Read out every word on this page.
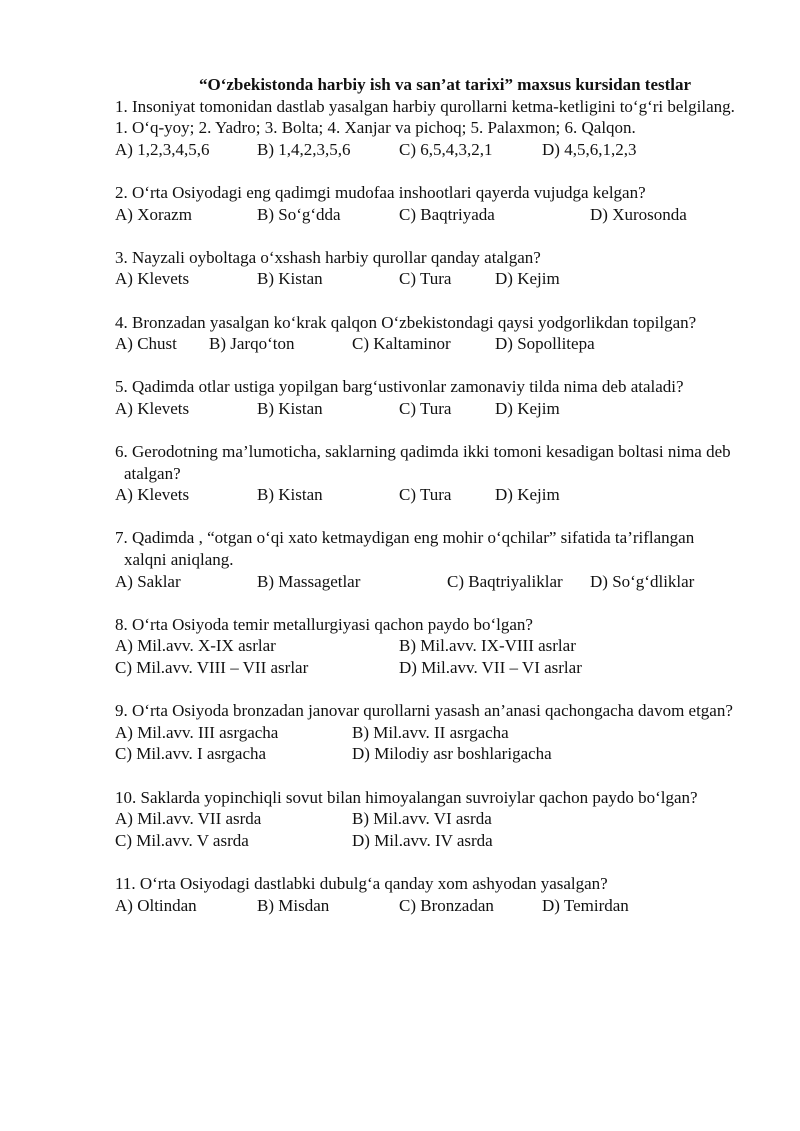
“O‘zbekistonda harbiy ish va san’at tarixi” maxsus kursidan testlar
1. Insoniyat tomonidan dastlab yasalgan harbiy qurollarni ketma-ketligini to‘g‘ri belgilang.
1. O‘q-yoy; 2. Yadro; 3. Bolta; 4. Xanjar va pichoq; 5. Palaxmon; 6. Qalqon.
A) 1,2,3,4,5,6	B) 1,4,2,3,5,6	C) 6,5,4,3,2,1	D) 4,5,6,1,2,3
2. O‘rta Osiyodagi eng qadimgi mudofaa inshootlari qayerda vujudga kelgan?
A) Xorazm	B) So‘g‘dda	C) Baqtriyada	D) Xurosonda
3. Nayzali oyboltaga o‘xshash harbiy qurollar qanday atalgan?
A) Klevets	B) Kistan	C) Tura	D) Kejim
4. Bronzadan yasalgan ko‘krak qalqon O‘zbekistondagi qaysi yodgorlikdan topilgan?
A) Chust B) Jarqo‘ton	C) Kaltaminor	D) Sopollitepa
5. Qadimda otlar ustiga yopilgan barg‘ustivonlar zamonaviy tilda nima deb ataladi?
A) Klevets	B) Kistan	C) Tura	D) Kejim
6. Gerodotning ma’lumoticha, saklarning qadimda ikki tomoni kesadigan boltasi nima deb atalgan?
A) Klevets	B) Kistan	C) Tura	D) Kejim
7. Qadimda , “otgan o‘qi xato ketmaydigan eng mohir o‘qchilar” sifatida ta’riflangan xalqni aniqlang.
A) Saklar	B) Massagetlar	C) Baqtriyaliklar D) So‘g‘dliklar
8. O‘rta Osiyoda temir metallurgiyasi qachon paydo bo‘lgan?
A) Mil.avv. X-IX asrlar	B) Mil.avv. IX-VIII asrlar
C) Mil.avv. VIII – VII asrlar	D) Mil.avv. VII – VI asrlar
9. O‘rta Osiyoda bronzadan janovar qurollarni yasash an’anasi qachongacha davom etgan?
A) Mil.avv. III asrgacha	B) Mil.avv. II asrgacha
C) Mil.avv. I asrgacha	D) Milodiy asr boshlarigacha
10. Saklarda yopinchiqli sovut bilan himoyalangan suvroiylar qachon paydo bo‘lgan?
A) Mil.avv. VII asrda	B) Mil.avv. VI asrda
C) Mil.avv. V asrda	D) Mil.avv. IV asrda
11. O‘rta Osiyodagi dastlabki dubulg‘a qanday xom ashyodan yasalgan?
A) Oltindan	B) Misdan	C) Bronzadan	D) Temirdan
